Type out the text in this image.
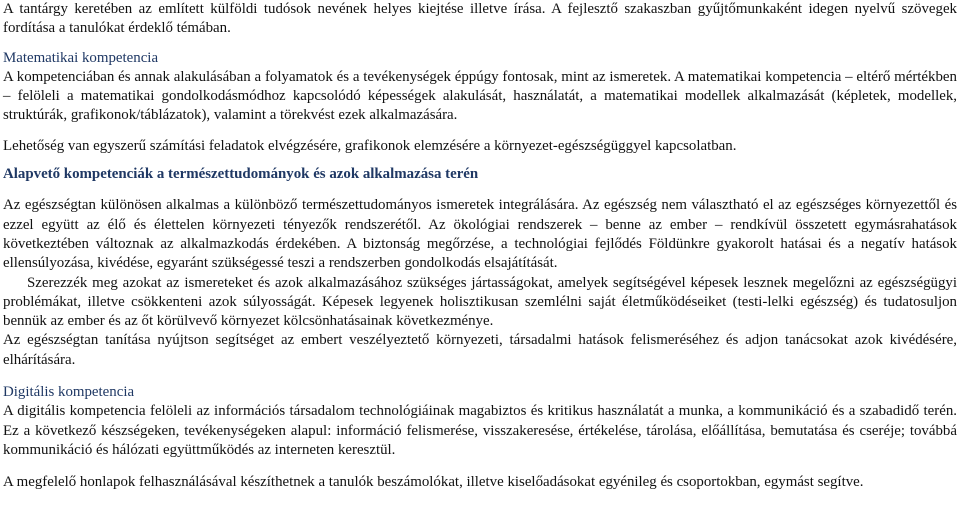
A tantárgy keretében az említett külföldi tudósok nevének helyes kiejtése illetve írása. A fejlesztő szakaszban gyűjtőmunkaként idegen nyelvű szövegek fordítása a tanulókat érdeklő témában.

Matematikai kompetencia

A kompetenciában és annak alakulásában a folyamatok és a tevékenységek éppúgy fontosak, mint az ismeretek. A matematikai kompetencia – eltérő mértékben – felöleli a matematikai gondolkodásmódhoz kapcsolódó képességek alakulását, használatát, a matematikai modellek alkalmazását (képletek, modellek, struktúrák, grafikonok/táblázatok), valamint a törekvést ezek alkalmazására.

Lehetőség van egyszerű számítási feladatok elvégzésére, grafikonok elemzésére a környezet-egészségüggyel kapcsolatban.

Alapvető kompetenciák a természettudományok és azok alkalmazása terén

Az egészségtan különösen alkalmas a különböző természettudományos ismeretek integrálására. Az egészség nem választható el az egészséges környezettől és ezzel együtt az élő és élettelen környezeti tényezők rendszerétől. Az ökológiai rendszerek – benne az ember – rendkívül összetett egymásrahatások következtében változnak az alkalmazkodás érdekében. A biztonság megőrzése, a technológiai fejlődés Földünkre gyakorolt hatásai és a negatív hatások ellensúlyozása, kivédése, egyaránt szükségessé teszi a rendszerben gondolkodás elsajátítását.

Szerezzék meg azokat az ismereteket és azok alkalmazásához szükséges jártasságokat, amelyek segítségével képesek lesznek megelőzni az egészségügyi problémákat, illetve csökkenteni azok súlyosságát. Képesek legyenek holisztikusan szemlélni saját életműködéseiket (testi-lelki egészség) és tudatosuljon bennük az ember és az őt körülvevő környezet kölcsönhatásainak következménye.

Az egészségtan tanítása nyújtson segítséget az embert veszélyeztető környezeti, társadalmi hatások felismeréséhez és adjon tanácsokat azok kivédésére, elhárítására.

Digitális kompetencia

A digitális kompetencia felöleli az információs társadalom technológiáinak magabiztos és kritikus használatát a munka, a kommunikáció és a szabadidő terén. Ez a következő készségeken, tevékenységeken alapul: információ felismerése, visszakeresése, értékelése, tárolása, előállítása, bemutatása és cseréje; továbbá kommunikáció és hálózati együttműködés az interneten keresztül.

A megfelelő honlapok felhasználásával készíthetnek a tanulók beszámolókat, illetve kiselőadásokat egyénileg és csoportokban, egymást segítve.
